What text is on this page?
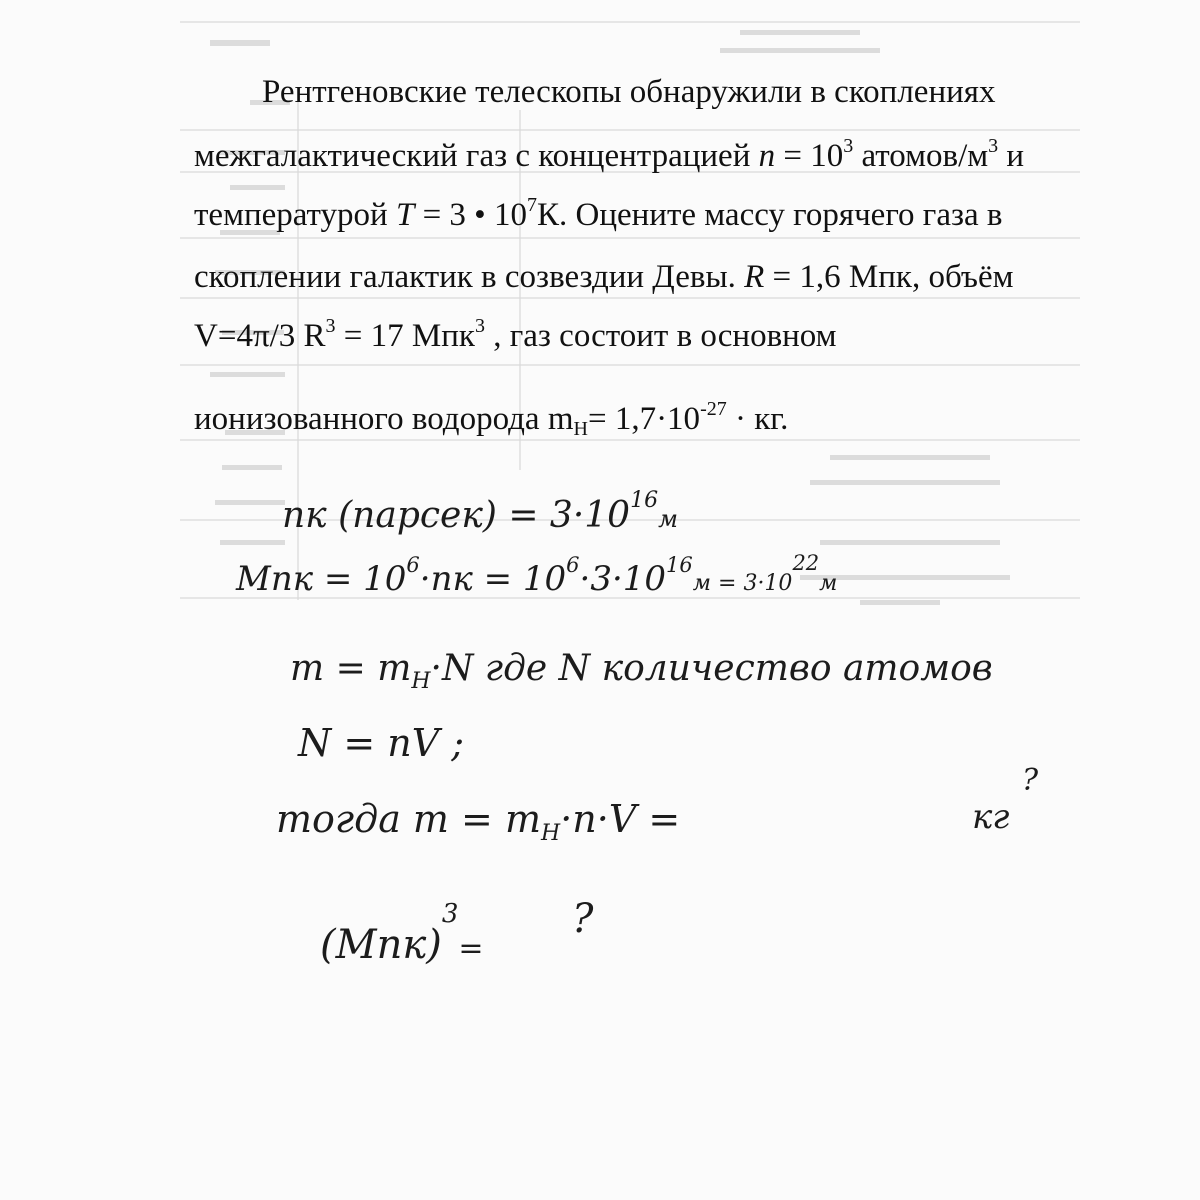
Рентгеновские телескопы обнаружили в скоплениях
межгалактический газ с концентрацией $n = 10^3$ атомов/$м^3$ и
температурой T = 3 • $10^7К$. Оцените массу горячего газа в
скоплении галактик в созвездии Девы. R = 1,6 Мпк, объём
V=4π/3 $R^3 = 17$ Мпк$^3$ , газ состоит в основном
ионизованного водорода $m_H= 1,7\cdot 10^{-27}$ · кг.
пк (парсек) = $3\cdot 10^{16}_м$
Мпк = $10^6\cdot пк = 10^6\cdot 3\cdot 10^{16}_{м = 3\cdot 10}^{22}_м$
$m = m_H\cdot N$ где N количество атомов
N = nV ;
тогда $m = m_H\cdot n\cdot V$ =	кг
?
(Мпк)$^3_=$
?
